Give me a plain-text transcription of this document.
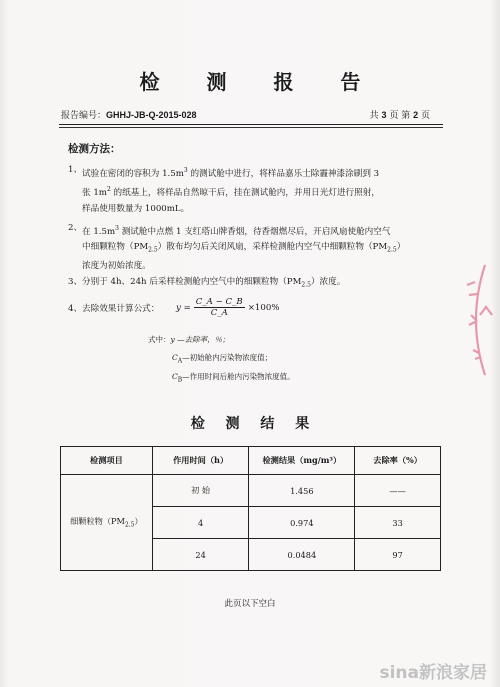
检 测 报 告
报告编号：GHHJ-JB-Q-2015-028	共 3 页 第 2 页
检测方法：
1、 试验在密闭的容积为 $1.5m^3$ 的测试舱中进行，将样品嘉乐士除霾神漆涂刷到 3
张 $1m^2$ 的纸基上，将样品自然晾干后，挂在测试舱内，并用日光灯进行照射，
样品使用数量为 1000mL。
2、 在 $1.5m^3$ 测试舱中点燃 1 支红塔山牌香烟，待香烟燃尽后，开启风扇使舱内空气
中细颗粒物$(PM_{2.5})$散布均匀后关闭风扇，采样检测舱内空气中细颗粒物$(PM_{2.5})$
浓度为初始浓度。
3、 分别于 4h、24h 后采样检测舱内空气中的细颗粒物$(PM_{2.5})$浓度。
4、 去除效果计算公式：	$y = \frac{C\_A - C\_B}{C\_A} \times 100\%$
式中：y —去除率，％；
$C_A—$初始舱内污染物浓度值；
$C_B—$作用时间后舱内污染物浓度值。
检 测 结 果
检测项目	作用时间（h）	检测结果（mg/m³）	去除率（%）
细颗粒物$(PM_{2.5})$	初 始	1.456	——
	4	0.974	33
	24	0.0484	97
此页以下空白
sina新浪家居
